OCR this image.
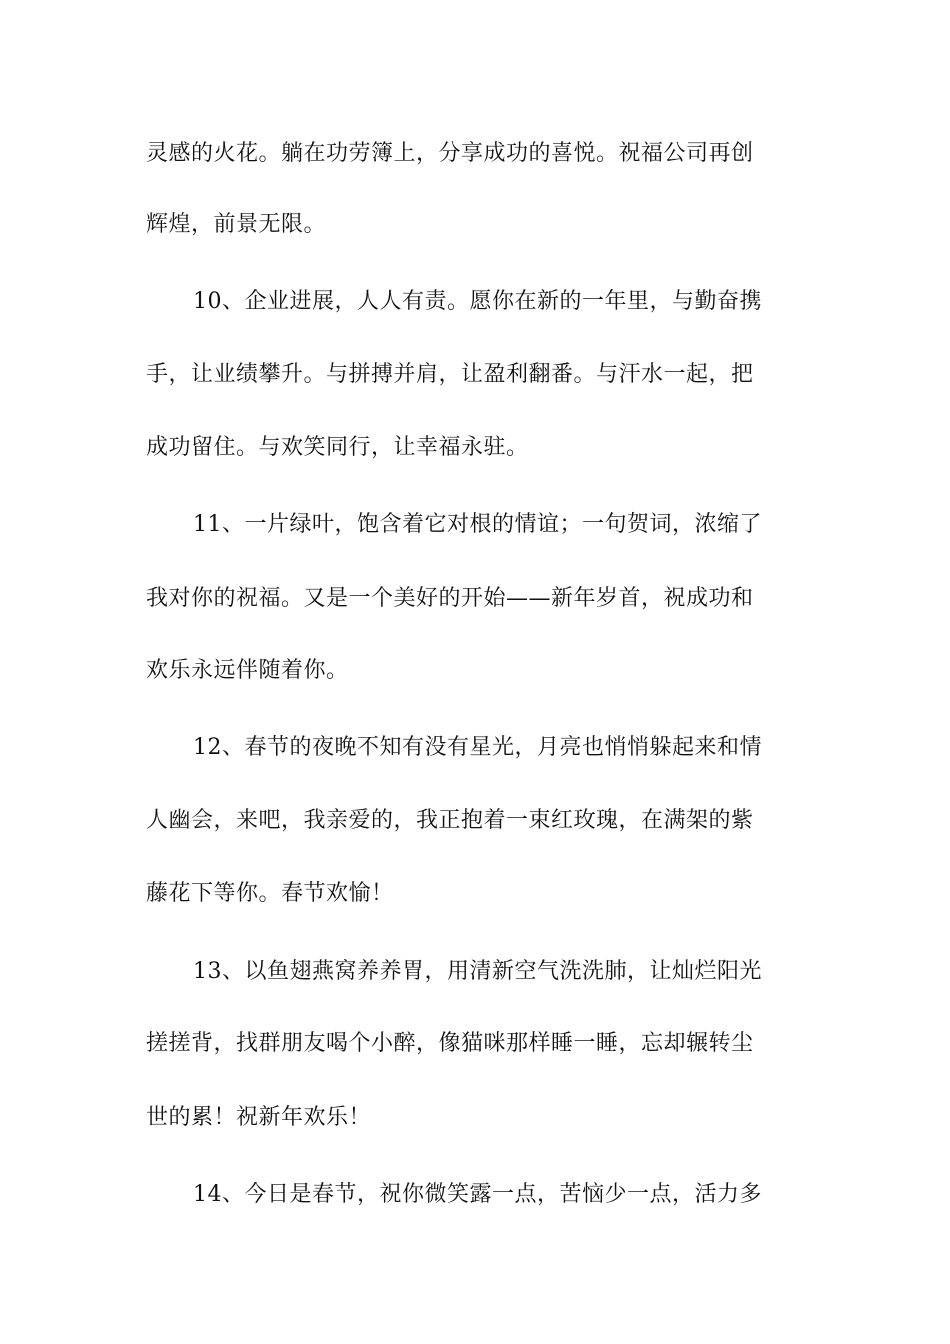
灵感的火花。躺在功劳簿上，分享成功的喜悦。祝福公司再创
辉煌，前景无限。
10、企业进展，人人有责。愿你在新的一年里，与勤奋携
手，让业绩攀升。与拼搏并肩，让盈利翻番。与汗水一起，把
成功留住。与欢笑同行，让幸福永驻。
11、一片绿叶，饱含着它对根的情谊；一句贺词，浓缩了
我对你的祝福。又是一个美好的开始——新年岁首，祝成功和
欢乐永远伴随着你。
12、春节的夜晚不知有没有星光，月亮也悄悄躲起来和情
人幽会，来吧，我亲爱的，我正抱着一束红玫瑰，在满架的紫
藤花下等你。春节欢愉！
13、以鱼翅燕窝养养胃，用清新空气洗洗肺，让灿烂阳光
搓搓背，找群朋友喝个小醉，像猫咪那样睡一睡，忘却辗转尘
世的累！祝新年欢乐！
14、今日是春节，祝你微笑露一点，苦恼少一点，活力多
